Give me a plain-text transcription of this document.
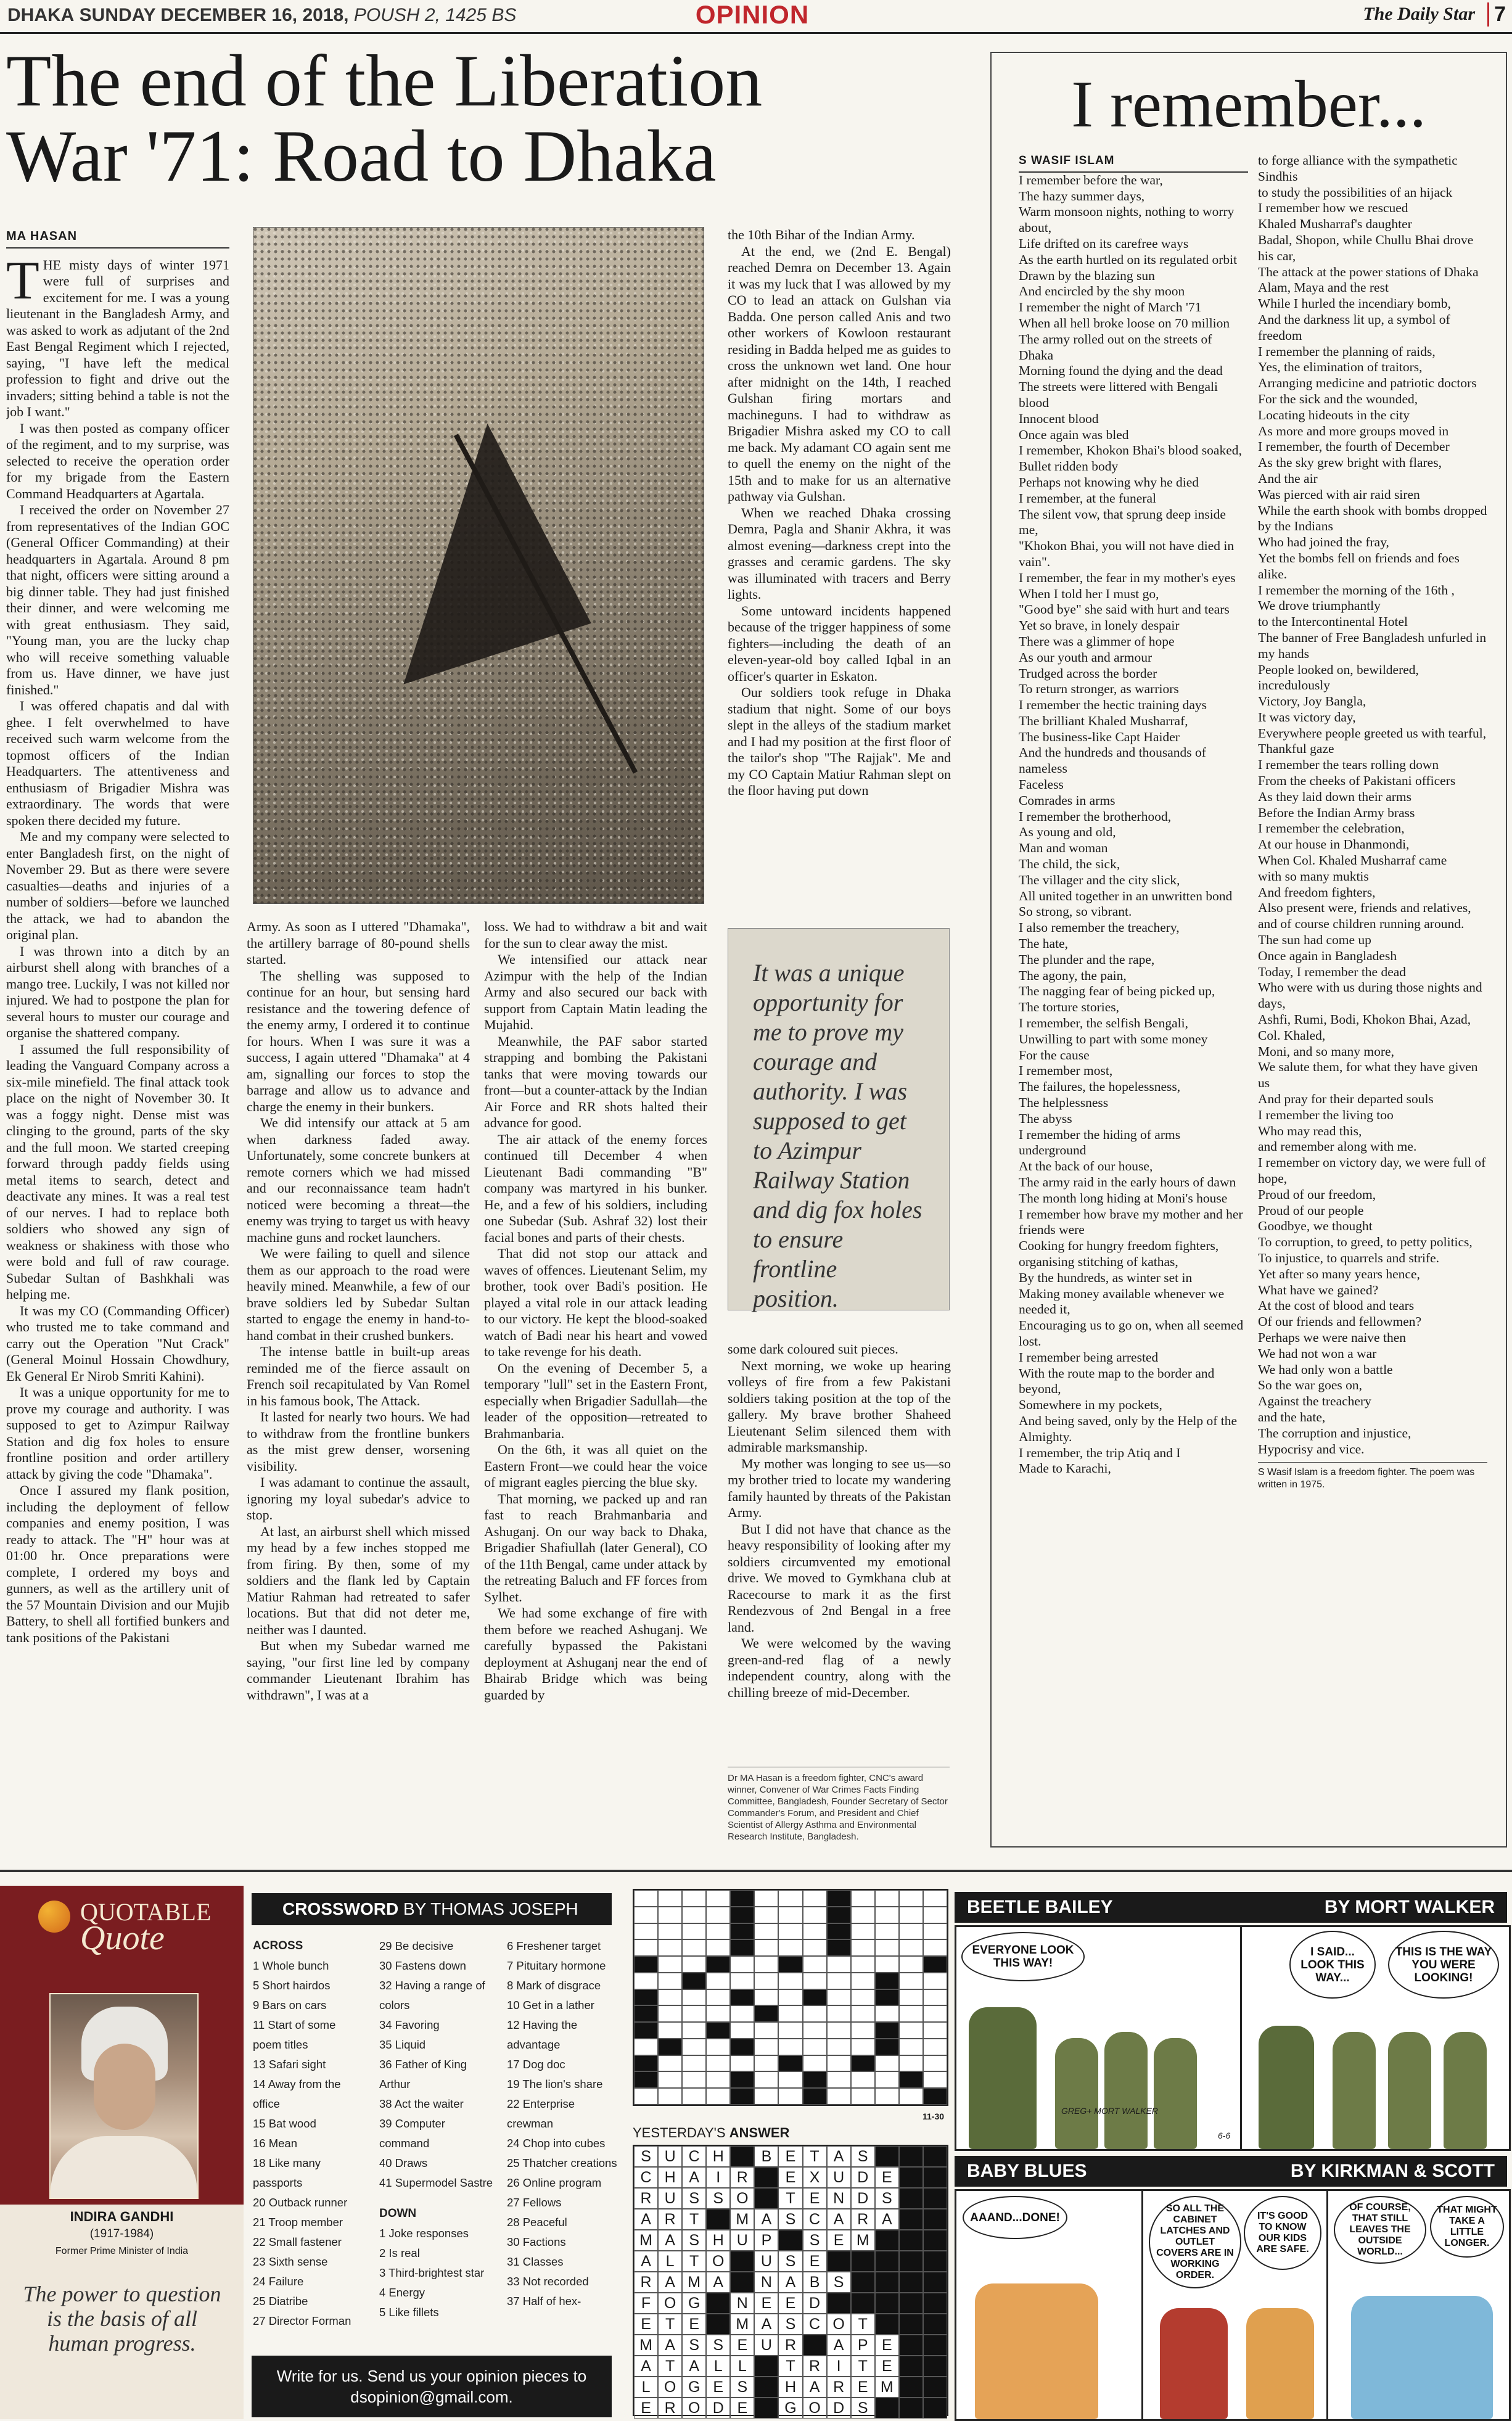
DHAKA SUNDAY DECEMBER 16, 2018, POUSH 2, 1425 BS	OPINION	The Daily Star 7
The end of the Liberation
War '71: Road to Dhaka
MA HASAN
T HE misty days of winter 1971 were full of surprises and excitement for me. I was a young lieutenant in the Bangladesh Army, and was asked to work as adjutant of the 2nd East Bengal Regiment which I rejected, saying, "I have left the medical profession to fight and drive out the invaders; sitting behind a table is not the job I want."

I was then posted as company officer of the regiment, and to my surprise, was selected to receive the operation order for my brigade from the Eastern Command Headquarters at Agartala.

I received the order on November 27 from representatives of the Indian GOC (General Officer Commanding) at their headquarters in Agartala. Around 8 pm that night, officers were sitting around a big dinner table. They had just finished their dinner, and were welcoming me with great enthusiasm. They said, "Young man, you are the lucky chap who will receive something valuable from us. Have dinner, we have just finished."

I was offered chapatis and dal with ghee. I felt overwhelmed to have received such warm welcome from the topmost officers of the Indian Headquarters. The attentiveness and enthusiasm of Brigadier Mishra was extraordinary. The words that were spoken there decided my future.

Me and my company were selected to enter Bangladesh first, on the night of November 29. But as there were severe casualties—deaths and injuries of a number of soldiers—before we launched the attack, we had to abandon the original plan.

I was thrown into a ditch by an airburst shell along with branches of a mango tree. Luckily, I was not killed nor injured. We had to postpone the plan for several hours to muster our courage and organise the shattered company.

I assumed the full responsibility of leading the Vanguard Company across a six-mile minefield. The final attack took place on the night of November 30. It was a foggy night. Dense mist was clinging to the ground, parts of the sky and the full moon. We started creeping forward through paddy fields using metal items to search, detect and deactivate any mines. It was a real test of our nerves. I had to replace both soldiers who showed any sign of weakness or shakiness with those who were bold and full of raw courage. Subedar Sultan of Bashkhali was helping me.

It was my CO (Commanding Officer) who trusted me to take command and carry out the Operation "Nut Crack" (General Moinul Hossain Chowdhury, Ek General Er Nirob Smriti Kahini).

It was a unique opportunity for me to prove my courage and authority. I was supposed to get to Azimpur Railway Station and dig fox holes to ensure frontline position and order artillery attack by giving the code "Dhamaka".

Once I assured my flank position, including the deployment of fellow companies and enemy position, I was ready to attack. The "H" hour was at 01:00 hr. Once preparations were complete, I ordered my boys and gunners, as well as the artillery unit of the 57 Mountain Division and our Mujib Battery, to shell all fortified bunkers and tank positions of the Pakistani

Army. As soon as I uttered "Dhamaka", the artillery barrage of 80-pound shells started.

The shelling was supposed to continue for an hour, but sensing hard resistance and the towering defence of the enemy army, I ordered it to continue for hours. When I was sure it was a success, I again uttered "Dhamaka" at 4 am, signalling our forces to stop the barrage and allow us to advance and charge the enemy in their bunkers.

We did intensify our attack at 5 am when darkness faded away. Unfortunately, some concrete bunkers at remote corners which we had missed and our reconnaissance team hadn't noticed were becoming a threat—the enemy was trying to target us with heavy machine guns and rocket launchers.

We were failing to quell and silence them as our approach to the road were heavily mined. Meanwhile, a few of our brave soldiers led by Subedar Sultan started to engage the enemy in hand-to-hand combat in their crushed bunkers.

The intense battle in built-up areas reminded me of the fierce assault on French soil recapitulated by Van Romel in his famous book, The Attack.

It lasted for nearly two hours. We had to withdraw from the frontline bunkers as the mist grew denser, worsening visibility.

I was adamant to continue the assault, ignoring my loyal subedar's advice to stop.

At last, an airburst shell which missed my head by a few inches stopped me from firing. By then, some of my soldiers and the flank led by Captain Matiur Rahman had retreated to safer locations. But that did not deter me, neither was I daunted.

But when my Subedar warned me saying, "our first line led by company commander Lieutenant Ibrahim has withdrawn", I was at a

loss. We had to withdraw a bit and wait for the sun to clear away the mist.

We intensified our attack near Azimpur with the help of the Indian Army and also secured our back with support from Captain Matin leading the Mujahid.

Meanwhile, the PAF sabor started strapping and bombing the Pakistani tanks that were moving towards our front—but a counter-attack by the Indian Air Force and RR shots halted their advance for good.

The air attack of the enemy forces continued till December 4 when Lieutenant Badi commanding "B" company was martyred in his bunker. He, and a few of his soldiers, including one Subedar (Sub. Ashraf 32) lost their facial bones and parts of their chests.

That did not stop our attack and waves of offences. Lieutenant Selim, my brother, took over Badi's position. He played a vital role in our attack leading to our victory. He kept the blood-soaked watch of Badi near his heart and vowed to take revenge for his death.

On the evening of December 5, a temporary "lull" set in the Eastern Front, especially when Brigadier Sadullah—the leader of the opposition—retreated to Brahmanbaria.

On the 6th, it was all quiet on the Eastern Front—we could hear the voice of migrant eagles piercing the blue sky.

That morning, we packed up and ran fast to reach Brahmanbaria and Ashuganj. On our way back to Dhaka, Brigadier Shafiullah (later General), CO of the 11th Bengal, came under attack by the retreating Baluch and FF forces from Sylhet.

We had some exchange of fire with them before we reached Ashuganj. We carefully bypassed the Pakistani deployment at Ashuganj near the end of Bhairab Bridge which was being guarded by

the 10th Bihar of the Indian Army.

At the end, we (2nd E. Bengal) reached Demra on December 13. Again it was my luck that I was allowed by my CO to lead an attack on Gulshan via Badda. One person called Anis and two other workers of Kowloon restaurant residing in Badda helped me as guides to cross the unknown wet land. One hour after midnight on the 14th, I reached Gulshan firing mortars and machineguns. I had to withdraw as Brigadier Mishra asked my CO to call me back. My adamant CO again sent me to quell the enemy on the night of the 15th and to make for us an alternative pathway via Gulshan.

When we reached Dhaka crossing Demra, Pagla and Shanir Akhra, it was almost evening—darkness crept into the grasses and ceramic gardens. The sky was illuminated with tracers and Berry lights.

Some untoward incidents happened because of the trigger happiness of some fighters—including the death of an eleven-year-old boy called Iqbal in an officer's quarter in Eskaton.

Our soldiers took refuge in Dhaka stadium that night. Some of our boys slept in the alleys of the stadium market and I had my position at the first floor of the tailor's shop "The Rajjak". Me and my CO Captain Matiur Rahman slept on the floor having put down

It was a unique opportunity for me to prove my courage and authority. I was supposed to get to Azimpur Railway Station and dig fox holes to ensure frontline position.

some dark coloured suit pieces.

Next morning, we woke up hearing volleys of fire from a few Pakistani soldiers taking position at the top of the gallery. My brave brother Shaheed Lieutenant Selim silenced them with admirable marksmanship.

My mother was longing to see us—so my brother tried to locate my wandering family haunted by threats of the Pakistan Army.

But I did not have that chance as the heavy responsibility of looking after my soldiers circumvented my emotional drive. We moved to Gymkhana club at Racecourse to mark it as the first Rendezvous of 2nd Bengal in a free land.

We were welcomed by the waving green-and-red flag of a newly independent country, along with the chilling breeze of mid-December.

Dr MA Hasan is a freedom fighter, CNC's award winner, Convener of War Crimes Facts Finding Committee, Bangladesh, Founder Secretary of Sector Commander's Forum, and President and Chief Scientist of Allergy Asthma and Environmental Research Institute, Bangladesh.
I remember...
S WASIF ISLAM
I remember before the war,
The hazy summer days,
Warm monsoon nights, nothing to worry about,
Life drifted on its carefree ways
As the earth hurtled on its regulated orbit
Drawn by the blazing sun
And encircled by the shy moon
I remember the night of March '71
When all hell broke loose on 70 million
The army rolled out on the streets of Dhaka
Morning found the dying and the dead
The streets were littered with Bengali blood
Innocent blood
Once again was bled
I remember, Khokon Bhai's blood soaked,
Bullet ridden body
Perhaps not knowing why he died
I remember, at the funeral
The silent vow, that sprung deep inside me,
"Khokon Bhai, you will not have died in vain".
I remember, the fear in my mother's eyes
When I told her I must go,
"Good bye" she said with hurt and tears
Yet so brave, in lonely despair
There was a glimmer of hope
As our youth and armour
Trudged across the border
To return stronger, as warriors
I remember the hectic training days
The brilliant Khaled Musharraf,
The business-like Capt Haider
And the hundreds and thousands of nameless
Faceless
Comrades in arms
I remember the brotherhood,
As young and old,
Man and woman
The child, the sick,
The villager and the city slick,
All united together in an unwritten bond
So strong, so vibrant.
I also remember the treachery,
The hate,
The plunder and the rape,
The agony, the pain,
The nagging fear of being picked up,
The torture stories,
I remember, the selfish Bengali,
Unwilling to part with some money
For the cause
I remember most,
The failures, the hopelessness,
The helplessness
The abyss
I remember the hiding of arms underground
At the back of our house,
The army raid in the early hours of dawn
The month long hiding at Moni's house
I remember how brave my mother and her friends were
Cooking for hungry freedom fighters,
organising stitching of kathas,
By the hundreds, as winter set in
Making money available whenever we needed it,
Encouraging us to go on, when all seemed lost.
I remember being arrested
With the route map to the border and beyond,
Somewhere in my pockets,
And being saved, only by the Help of the Almighty.
I remember, the trip Atiq and I
Made to Karachi,
to forge alliance with the sympathetic Sindhis
to study the possibilities of an hijack
I remember how we rescued
Khaled Musharraf's daughter
Badal, Shopon, while Chullu Bhai drove his car,
The attack at the power stations of Dhaka
Alam, Maya and the rest
While I hurled the incendiary bomb,
And the darkness lit up, a symbol of freedom
I remember the planning of raids,
Yes, the elimination of traitors,
Arranging medicine and patriotic doctors
For the sick and the wounded,
Locating hideouts in the city
As more and more groups moved in
I remember, the fourth of December
As the sky grew bright with flares,
And the air
Was pierced with air raid siren
While the earth shook with bombs dropped by the Indians
Who had joined the fray,
Yet the bombs fell on friends and foes alike.
I remember the morning of the 16th ,
We drove triumphantly
to the Intercontinental Hotel
The banner of Free Bangladesh unfurled in my hands
People looked on, bewildered, incredulously
Victory, Joy Bangla,
It was victory day,
Everywhere people greeted us with tearful,
Thankful gaze
I remember the tears rolling down
From the cheeks of Pakistani officers
As they laid down their arms
Before the Indian Army brass
I remember the celebration,
At our house in Dhanmondi,
When Col. Khaled Musharraf came
with so many muktis
And freedom fighters,
Also present were, friends and relatives,
and of course children running around.
The sun had come up
Once again in Bangladesh
Today, I remember the dead
Who were with us during those nights and days,
Ashfi, Rumi, Bodi, Khokon Bhai, Azad, Col. Khaled,
Moni, and so many more,
We salute them, for what they have given us
And pray for their departed souls
I remember the living too
Who may read this,
and remember along with me.
I remember on victory day, we were full of hope,
Proud of our freedom,
Proud of our people
Goodbye, we thought
To corruption, to greed, to petty politics,
To injustice, to quarrels and strife.
Yet after so many years hence,
What have we gained?
At the cost of blood and tears
Of our friends and fellowmen?
Perhaps we were naive then
We had not won a war
We had only won a battle
So the war goes on,
Against the treachery
and the hate,
The corruption and injustice,
Hypocrisy and vice.
S Wasif Islam is a freedom fighter. The poem was written in 1975.
QUOTABLE
Quote
INDIRA GANDHI
(1917-1984)
Former Prime Minister of India
The power to question is the basis of all human progress.
CROSSWORD BY THOMAS JOSEPH
ACROSS
1 Whole bunch
5 Short hairdos
9 Bars on cars
11 Start of some
poem titles
13 Safari sight
14 Away from the
office
15 Bat wood
16 Mean
18 Like many
passports
20 Outback runner
21 Troop member
22 Small fastener
23 Sixth sense
24 Failure
25 Diatribe
27 Director Forman
29 Be decisive
30 Fastens down
32 Having a range of
colors
34 Favoring
35 Liquid
36 Father of King
Arthur
38 Act the waiter
39 Computer
command
40 Draws
41 Supermodel Sastre
DOWN
1 Joke responses
2 Is real
3 Third-brightest star
4 Energy
5 Like fillets
6 Freshener target
7 Pituitary hormone
8 Mark of disgrace
10 Get in a lather
12 Having the
advantage
17 Dog doc
19 The lion's share
22 Enterprise
crewman
24 Chop into cubes
25 Thatcher creations
26 Online program
27 Fellows
28 Peaceful
30 Factions
31 Classes
33 Not recorded
37 Half of hex-
Write for us. Send us your opinion pieces to
dsopinion@gmail.com.
11-30
YESTERDAY'S ANSWER
S U C H	B E T A S
C H A	I	R	E X U D E
R U S S O	T E N D S
A R T	M A S C A R A
M A S H U P	S E M
A L T O	U S E
R A M A	N A B S
F O G	N E E D
E T E	M A S C O T
M A S S E U R	A P E
A T A L	L	T R	I	T E
L O G E S	H A R E M
E R O D E	G O D S
BEETLE BAILEY	BY MORT WALKER
EVERYONE LOOK THIS WAY!
I SAID... LOOK THIS WAY...
THIS IS THE WAY YOU WERE LOOKING!
GREG+ MORT WALKER
6-6
BABY BLUES	BY KIRKMAN & SCOTT
AAAND...DONE!
SO ALL THE CABINET LATCHES AND OUTLET COVERS ARE IN WORKING ORDER.
IT'S GOOD TO KNOW OUR KIDS ARE SAFE.
OF COURSE, THAT STILL LEAVES THE OUTSIDE WORLD...
THAT MIGHT TAKE A LITTLE LONGER.
